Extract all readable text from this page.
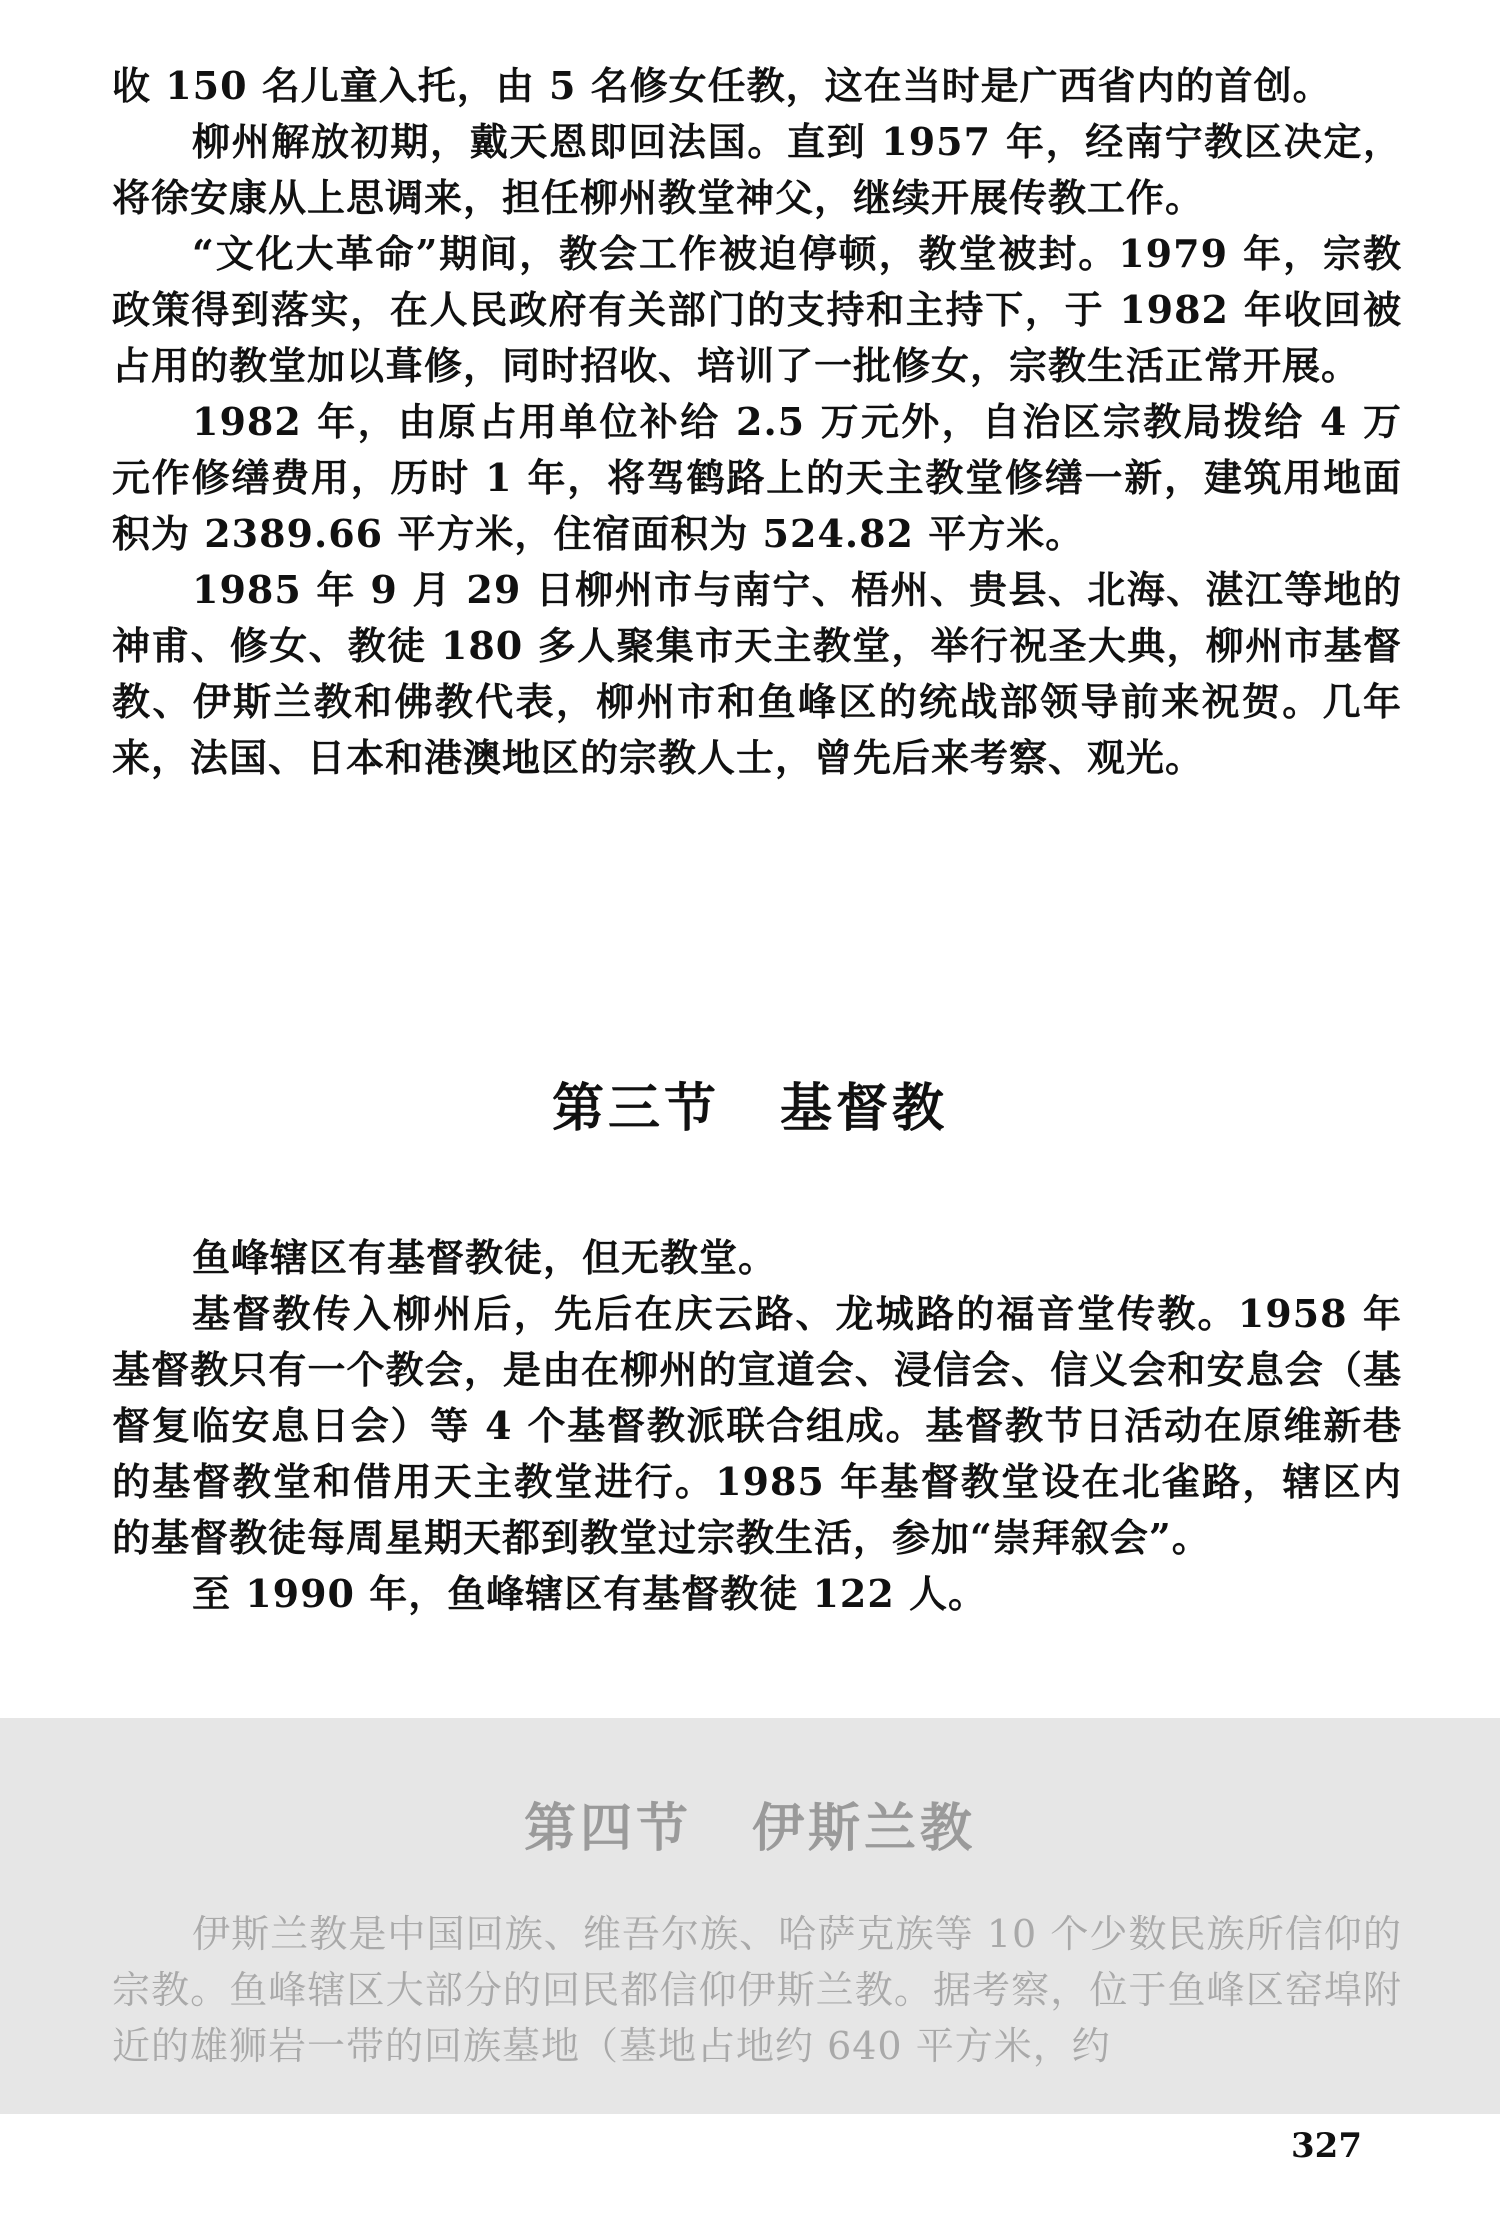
收 150 名儿童入托，由 5 名修女任教，这在当时是广西省内的首创。

柳州解放初期，戴天恩即回法国。直到 1957 年，经南宁教区决定，将徐安康从上思调来，担任柳州教堂神父，继续开展传教工作。

“文化大革命”期间，教会工作被迫停顿，教堂被封。1979 年，宗教政策得到落实，在人民政府有关部门的支持和主持下，于 1982 年收回被占用的教堂加以葺修，同时招收、培训了一批修女，宗教生活正常开展。

1982 年，由原占用单位补给 2.5 万元外，自治区宗教局拨给 4 万元作修缮费用，历时 1 年，将驾鹤路上的天主教堂修缮一新，建筑用地面积为 2389.66 平方米，住宿面积为 524.82 平方米。

1985 年 9 月 29 日柳州市与南宁、梧州、贵县、北海、湛江等地的神甫、修女、教徒 180 多人聚集市天主教堂，举行祝圣大典，柳州市基督教、伊斯兰教和佛教代表，柳州市和鱼峰区的统战部领导前来祝贺。几年来，法国、日本和港澳地区的宗教人士，曾先后来考察、观光。

第三节 基督教

鱼峰辖区有基督教徒，但无教堂。

基督教传入柳州后，先后在庆云路、龙城路的福音堂传教。1958 年基督教只有一个教会，是由在柳州的宣道会、浸信会、信义会和安息会（基督复临安息日会）等 4 个基督教派联合组成。基督教节日活动在原维新巷的基督教堂和借用天主教堂进行。1985 年基督教堂设在北雀路，辖区内的基督教徒每周星期天都到教堂过宗教生活，参加“崇拜叙会”。

至 1990 年，鱼峰辖区有基督教徒 122 人。

第四节 伊斯兰教

伊斯兰教是中国回族、维吾尔族、哈萨克族等 10 个少数民族所信仰的宗教。鱼峰辖区大部分的回民都信仰伊斯兰教。据考察，位于鱼峰区窑埠附近的雄狮岩一带的回族墓地（墓地占地约 640 平方米，约

327
